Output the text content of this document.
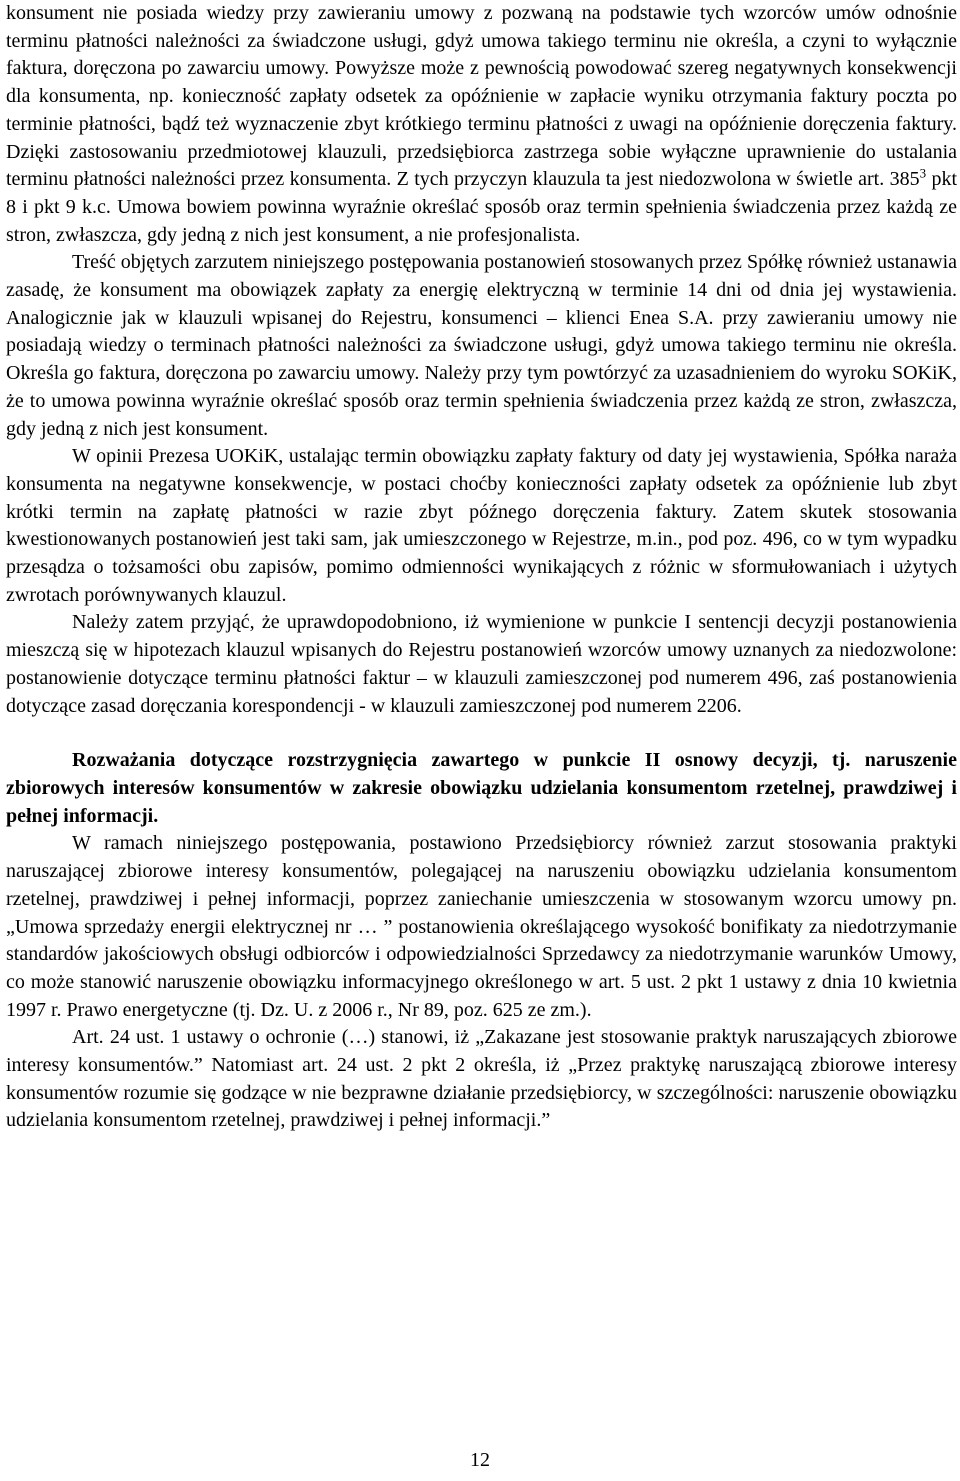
konsument nie posiada wiedzy przy zawieraniu umowy z pozwaną na podstawie tych wzorców umów odnośnie terminu płatności należności za świadczone usługi, gdyż umowa takiego terminu nie określa, a czyni to wyłącznie faktura, doręczona po zawarciu umowy. Powyższe może z pewnością powodować szereg negatywnych konsekwencji dla konsumenta, np. konieczność zapłaty odsetek za opóźnienie w zapłacie wyniku otrzymania faktury poczta po terminie płatności, bądź też wyznaczenie zbyt krótkiego terminu płatności z uwagi na opóźnienie doręczenia faktury. Dzięki zastosowaniu przedmiotowej klauzuli, przedsiębiorca zastrzega sobie wyłączne uprawnienie do ustalania terminu płatności należności przez konsumenta. Z tych przyczyn klauzula ta jest niedozwolona w świetle art. $385^3$ pkt 8 i pkt 9 k.c. Umowa bowiem powinna wyraźnie określać sposób oraz termin spełnienia świadczenia przez każdą ze stron, zwłaszcza, gdy jedną z nich jest konsument, a nie profesjonalista.

Treść objętych zarzutem niniejszego postępowania postanowień stosowanych przez Spółkę również ustanawia zasadę, że konsument ma obowiązek zapłaty za energię elektryczną w terminie 14 dni od dnia jej wystawienia. Analogicznie jak w klauzuli wpisanej do Rejestru, konsumenci – klienci Enea S.A. przy zawieraniu umowy nie posiadają wiedzy o terminach płatności należności za świadczone usługi, gdyż umowa takiego terminu nie określa. Określa go faktura, doręczona po zawarciu umowy. Należy przy tym powtórzyć za uzasadnieniem do wyroku SOKiK, że to umowa powinna wyraźnie określać sposób oraz termin spełnienia świadczenia przez każdą ze stron, zwłaszcza, gdy jedną z nich jest konsument.

W opinii Prezesa UOKiK, ustalając termin obowiązku zapłaty faktury od daty jej wystawienia, Spółka naraża konsumenta na negatywne konsekwencje, w postaci choćby konieczności zapłaty odsetek za opóźnienie lub zbyt krótki termin na zapłatę płatności w razie zbyt późnego doręczenia faktury. Zatem skutek stosowania kwestionowanych postanowień jest taki sam, jak umieszczonego w Rejestrze, m.in., pod poz. 496, co w tym wypadku przesądza o tożsamości obu zapisów, pomimo odmienności wynikających z różnic w sformułowaniach i użytych zwrotach porównywanych klauzul.

Należy zatem przyjąć, że uprawdopodobniono, iż wymienione w punkcie I sentencji decyzji postanowienia mieszczą się w hipotezach klauzul wpisanych do Rejestru postanowień wzorców umowy uznanych za niedozwolone: postanowienie dotyczące terminu płatności faktur – w klauzuli zamieszczonej pod numerem 496, zaś postanowienia dotyczące zasad doręczania korespondencji - w klauzuli zamieszczonej pod numerem 2206.

Rozważania dotyczące rozstrzygnięcia zawartego w punkcie II osnowy decyzji, tj. naruszenie zbiorowych interesów konsumentów w zakresie obowiązku udzielania konsumentom rzetelnej, prawdziwej i pełnej informacji.

W ramach niniejszego postępowania, postawiono Przedsiębiorcy również zarzut stosowania praktyki naruszającej zbiorowe interesy konsumentów, polegającej na naruszeniu obowiązku udzielania konsumentom rzetelnej, prawdziwej i pełnej informacji, poprzez zaniechanie umieszczenia w stosowanym wzorcu umowy pn. „Umowa sprzedaży energii elektrycznej nr … ” postanowienia określającego wysokość bonifikaty za niedotrzymanie standardów jakościowych obsługi odbiorców i odpowiedzialności Sprzedawcy za niedotrzymanie warunków Umowy, co może stanowić naruszenie obowiązku informacyjnego określonego w art. 5 ust. 2 pkt 1 ustawy z dnia 10 kwietnia 1997 r. Prawo energetyczne (tj. Dz. U. z 2006 r., Nr 89, poz. 625 ze zm.).

Art. 24 ust. 1 ustawy o ochronie (…) stanowi, iż „Zakazane jest stosowanie praktyk naruszających zbiorowe interesy konsumentów.” Natomiast art. 24 ust. 2 pkt 2 określa, iż „Przez praktykę naruszającą zbiorowe interesy konsumentów rozumie się godzące w nie bezprawne działanie przedsiębiorcy, w szczególności: naruszenie obowiązku udzielania konsumentom rzetelnej, prawdziwej i pełnej informacji.”

12
